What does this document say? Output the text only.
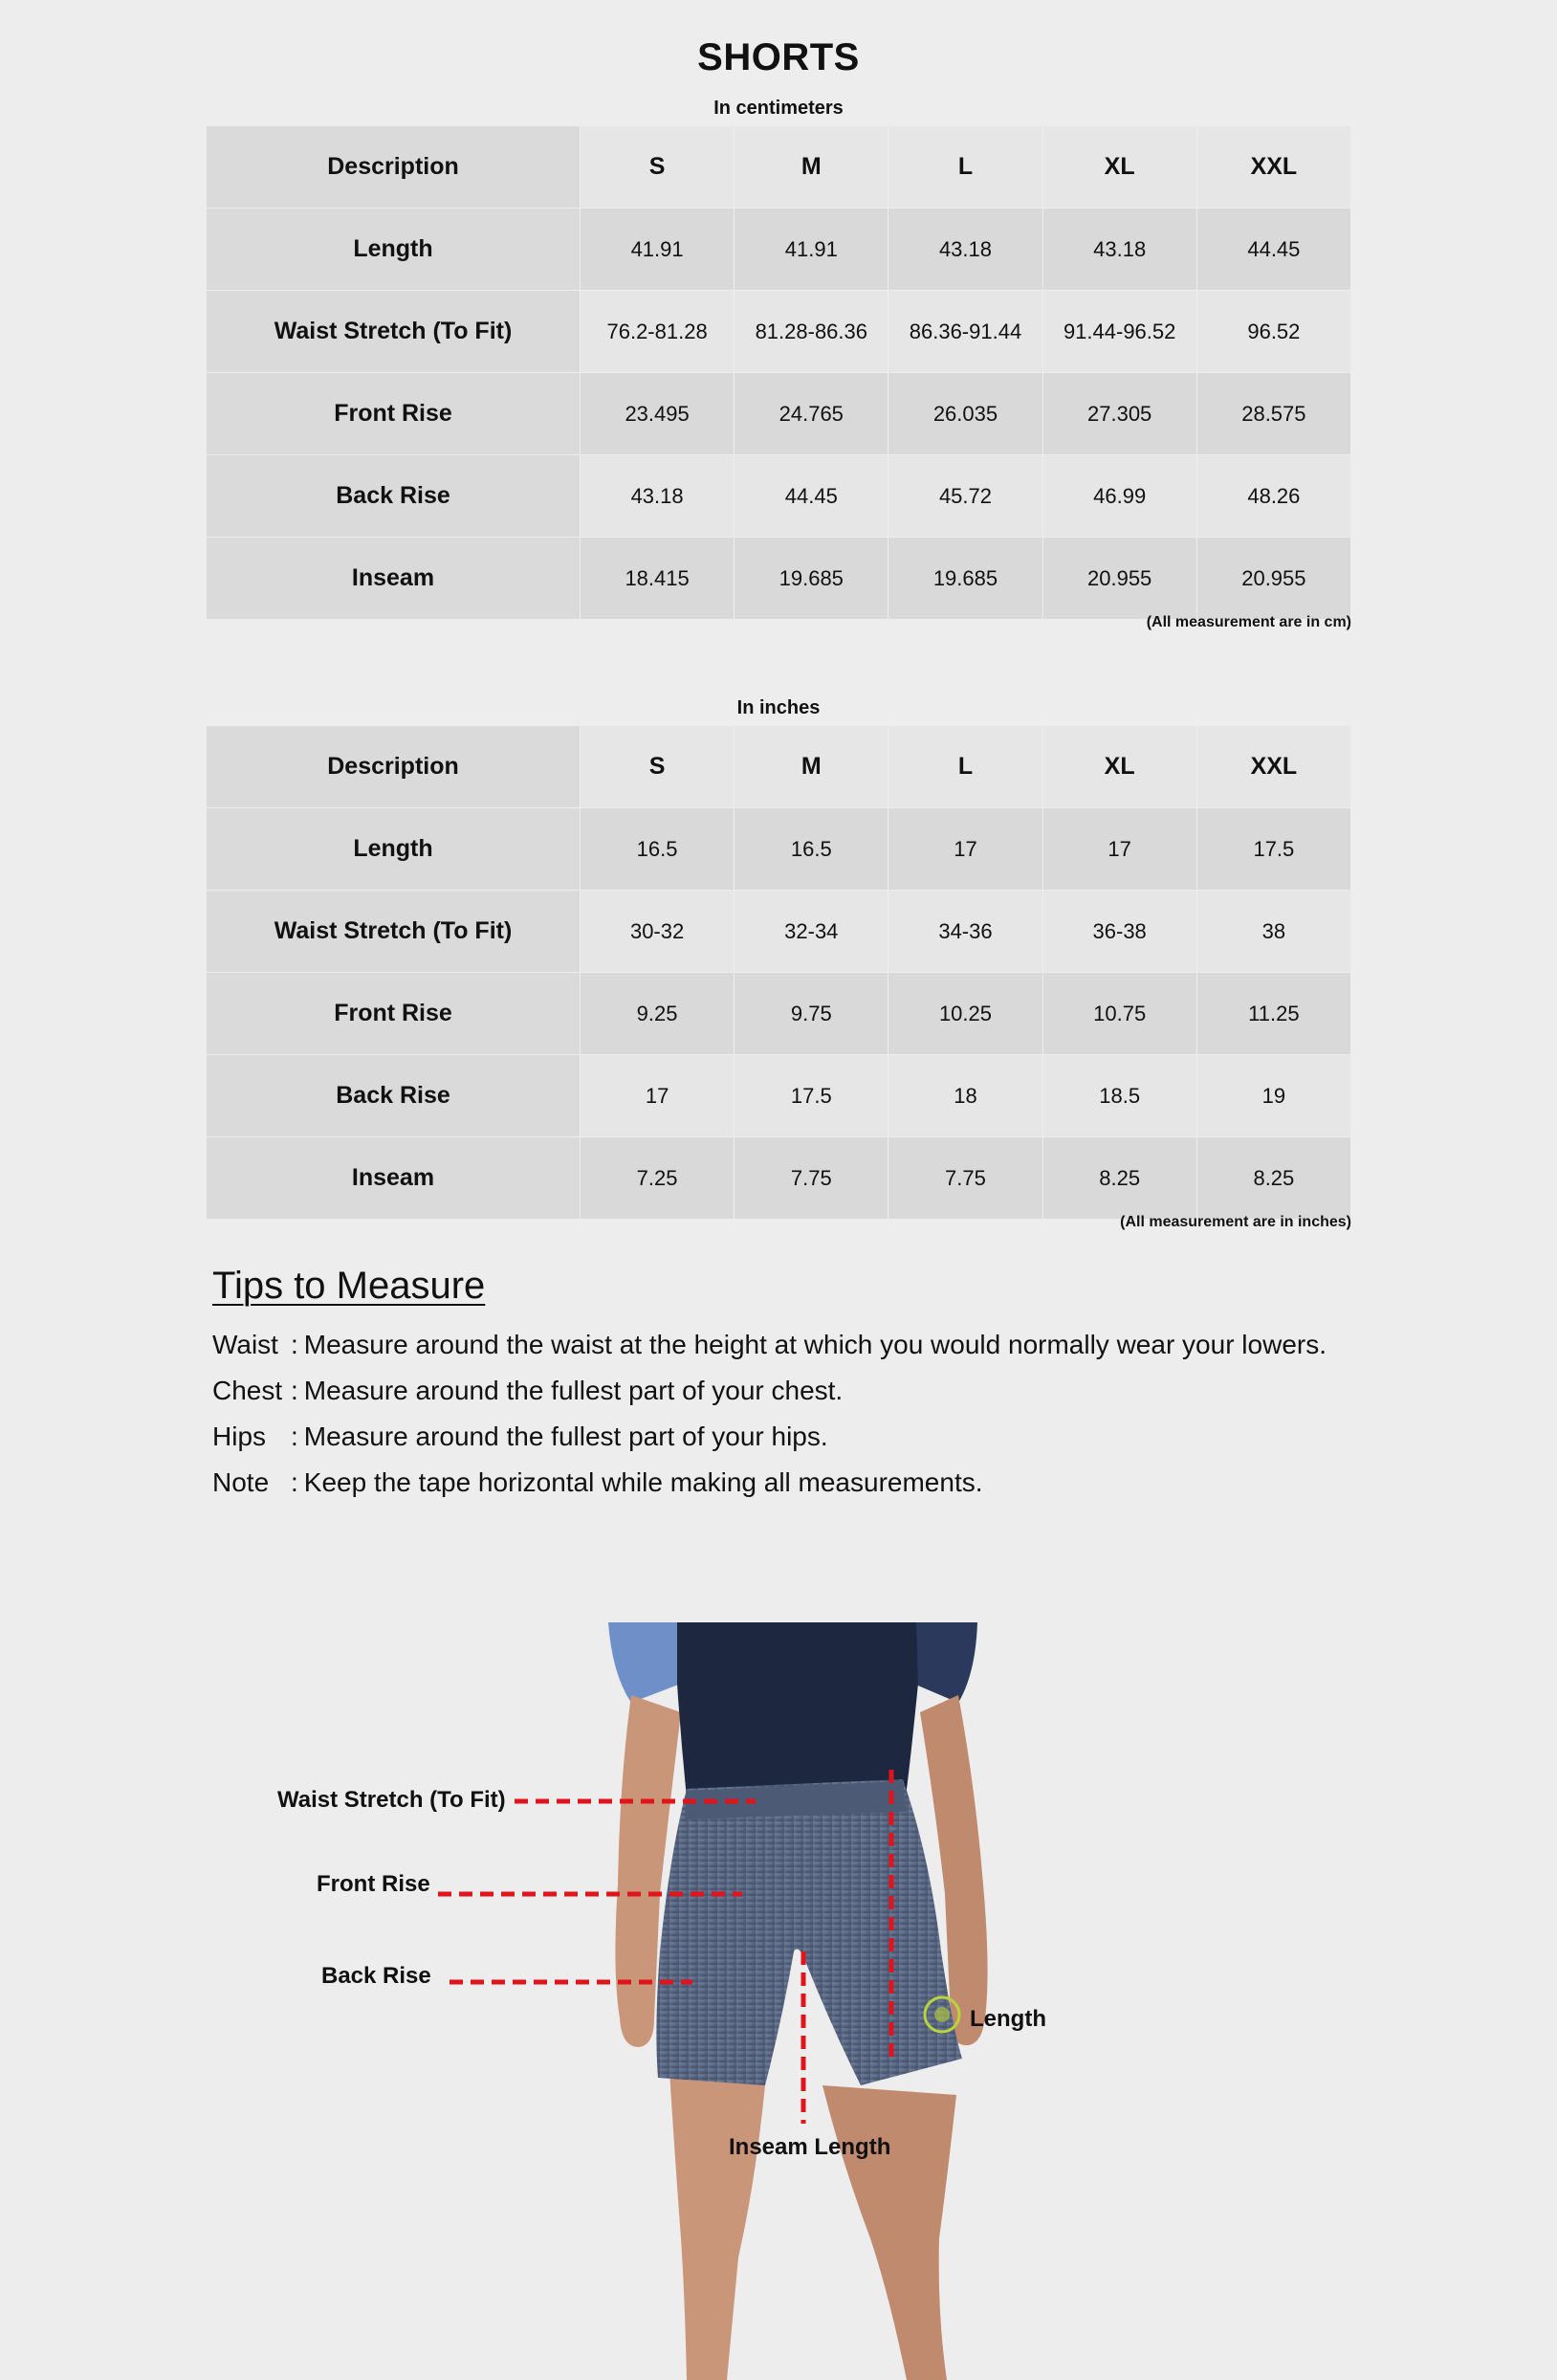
SHORTS
In centimeters
Description	S	M	L	XL	XXL
Length	41.91	41.91	43.18	43.18	44.45
Waist Stretch (To Fit)	76.2-81.28	81.28-86.36	86.36-91.44	91.44-96.52	96.52
Front Rise	23.495	24.765	26.035	27.305	28.575
Back Rise	43.18	44.45	45.72	46.99	48.26
Inseam	18.415	19.685	19.685	20.955	20.955
(All measurement are in cm)
In inches
Description	S	M	L	XL	XXL
Length	16.5	16.5	17	17	17.5
Waist Stretch (To Fit)	30-32	32-34	34-36	36-38	38
Front Rise	9.25	9.75	10.25	10.75	11.25
Back Rise	17	17.5	18	18.5	19
Inseam	7.25	7.75	7.75	8.25	8.25
(All measurement are in inches)
Tips to Measure
Waist : Measure around the waist at the height at which you would normally wear your lowers.
Chest : Measure around the fullest part of your chest.
Hips : Measure around the fullest part of your hips.
Note : Keep the tape horizontal while making all measurements.
Waist Stretch (To Fit)
Front Rise
Back Rise
Length
Inseam Length
